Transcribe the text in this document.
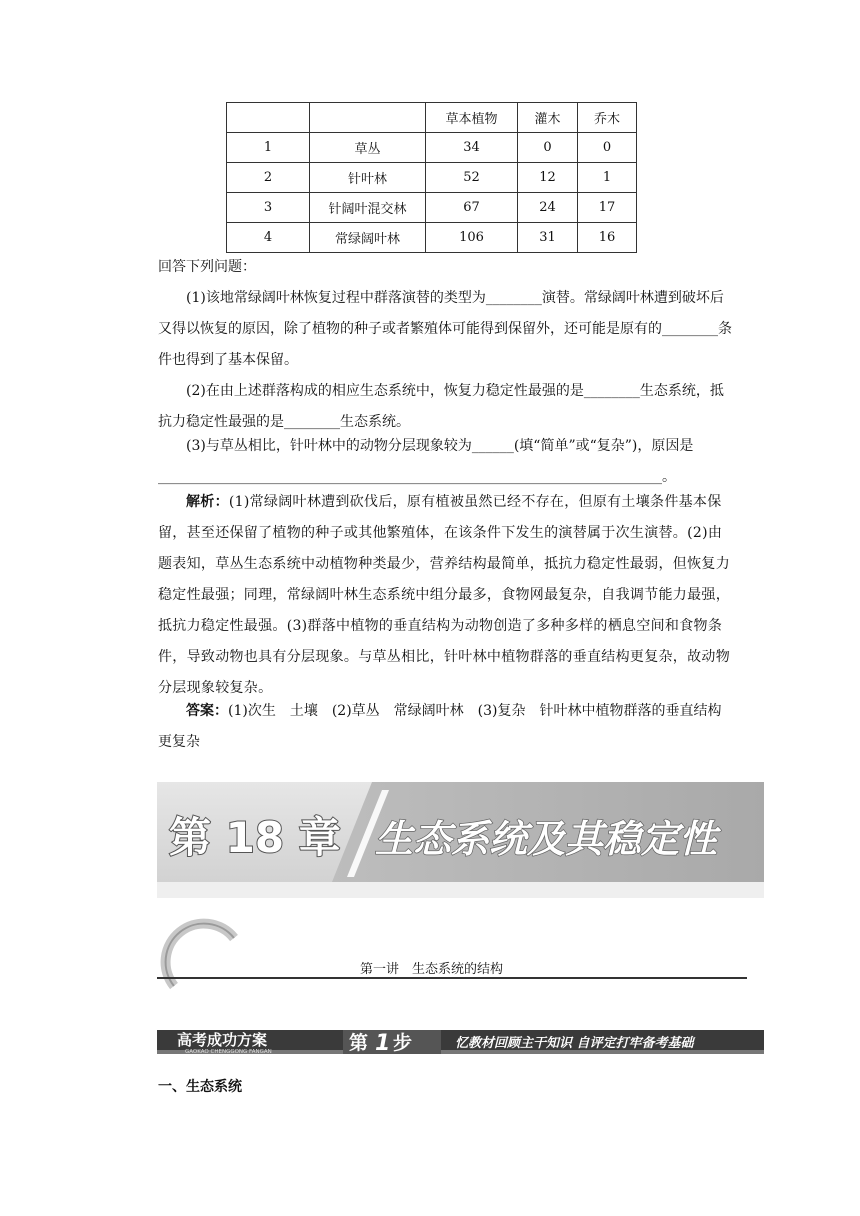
		草本植物	灌木	乔木
1	草丛	34	0	0
2	针叶林	52	12	1
3	针阔叶混交林	67	24	17
4	常绿阔叶林	106	31	16
回答下列问题：
(1)该地常绿阔叶林恢复过程中群落演替的类型为________演替。常绿阔叶林遭到破坏后又得以恢复的原因，除了植物的种子或者繁殖体可能得到保留外，还可能是原有的________条件也得到了基本保留。
(2)在由上述群落构成的相应生态系统中，恢复力稳定性最强的是________生态系统，抵抗力稳定性最强的是________生态系统。
(3)与草丛相比，针叶林中的动物分层现象较为______(填“简单”或“复杂”)，原因是________________________________________________________________________。
解析：(1)常绿阔叶林遭到砍伐后，原有植被虽然已经不存在，但原有土壤条件基本保留，甚至还保留了植物的种子或其他繁殖体，在该条件下发生的演替属于次生演替。(2)由题表知，草丛生态系统中动植物种类最少，营养结构最简单，抵抗力稳定性最弱，但恢复力稳定性最强；同理，常绿阔叶林生态系统中组分最多，食物网最复杂，自我调节能力最强，抵抗力稳定性最强。(3)群落中植物的垂直结构为动物创造了多种多样的栖息空间和食物条件，导致动物也具有分层现象。与草丛相比，针叶林中植物群落的垂直结构更复杂，故动物分层现象较复杂。
答案：(1)次生　土壤　(2)草丛　常绿阔叶林　(3)复杂　针叶林中植物群落的垂直结构更复杂
第 18 章 生态系统及其稳定性
第一讲　生态系统的结构
高考成功方案
GAOKAO CHENGGONG FANGAN	第 1 步	忆教材回顾主干知识 自评定打牢备考基础
一、生态系统
